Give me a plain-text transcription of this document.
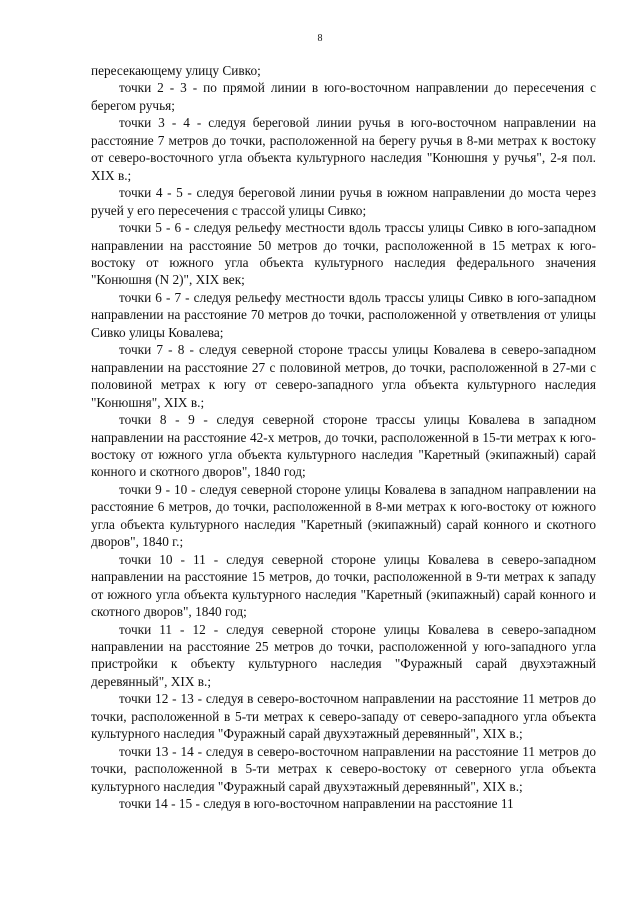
8

пересекающему улицу Сивко;

точки 2 - 3 - по прямой линии в юго-восточном направлении до пересечения с берегом ручья;

точки 3 - 4 - следуя береговой линии ручья в юго-восточном направлении на расстояние 7 метров до точки, расположенной на берегу ручья в 8-ми метрах к востоку от северо-восточного угла объекта культурного наследия "Конюшня у ручья", 2-я пол. XIX в.;

точки 4 - 5 - следуя береговой линии ручья в южном направлении до моста через ручей у его пересечения с трассой улицы Сивко;

точки 5 - 6 - следуя рельефу местности вдоль трассы улицы Сивко в юго-западном направлении на расстояние 50 метров до точки, расположенной в 15 метрах к юго-востоку от южного угла объекта культурного наследия федерального значения "Конюшня (N 2)", XIX век;

точки 6 - 7 - следуя рельефу местности вдоль трассы улицы Сивко в юго-западном направлении на расстояние 70 метров до точки, расположенной у ответвления от улицы Сивко улицы Ковалева;

точки 7 - 8 - следуя северной стороне трассы улицы Ковалева в северо-западном направлении на расстояние 27 с половиной метров, до точки, расположенной в 27-ми с половиной метрах к югу от северо-западного угла объекта культурного наследия "Конюшня", XIX в.;

точки 8 - 9 - следуя северной стороне трассы улицы Ковалева в западном направлении на расстояние 42-х метров, до точки, расположенной в 15-ти метрах к юго-востоку от южного угла объекта культурного наследия "Каретный (экипажный) сарай конного и скотного дворов", 1840 год;

точки 9 - 10 - следуя северной стороне улицы Ковалева в западном направлении на расстояние 6 метров, до точки, расположенной в 8-ми метрах к юго-востоку от южного угла объекта культурного наследия "Каретный (экипажный) сарай конного и скотного дворов", 1840 г.;

точки 10 - 11 - следуя северной стороне улицы Ковалева в северо-западном направлении на расстояние 15 метров, до точки, расположенной в 9-ти метрах к западу от южного угла объекта культурного наследия "Каретный (экипажный) сарай конного и скотного дворов", 1840 год;

точки 11 - 12 - следуя северной стороне улицы Ковалева в северо-западном направлении на расстояние 25 метров до точки, расположенной у юго-западного угла пристройки к объекту культурного наследия "Фуражный сарай двухэтажный деревянный", XIX в.;

точки 12 - 13 - следуя в северо-восточном направлении на расстояние 11 метров до точки, расположенной в 5-ти метрах к северо-западу от северо-западного угла объекта культурного наследия "Фуражный сарай двухэтажный деревянный", XIX в.;

точки 13 - 14 - следуя в северо-восточном направлении на расстояние 11 метров до точки, расположенной в 5-ти метрах к северо-востоку от северного угла объекта культурного наследия "Фуражный сарай двухэтажный деревянный", XIX в.;

точки 14 - 15 - следуя в юго-восточном направлении на расстояние 11
